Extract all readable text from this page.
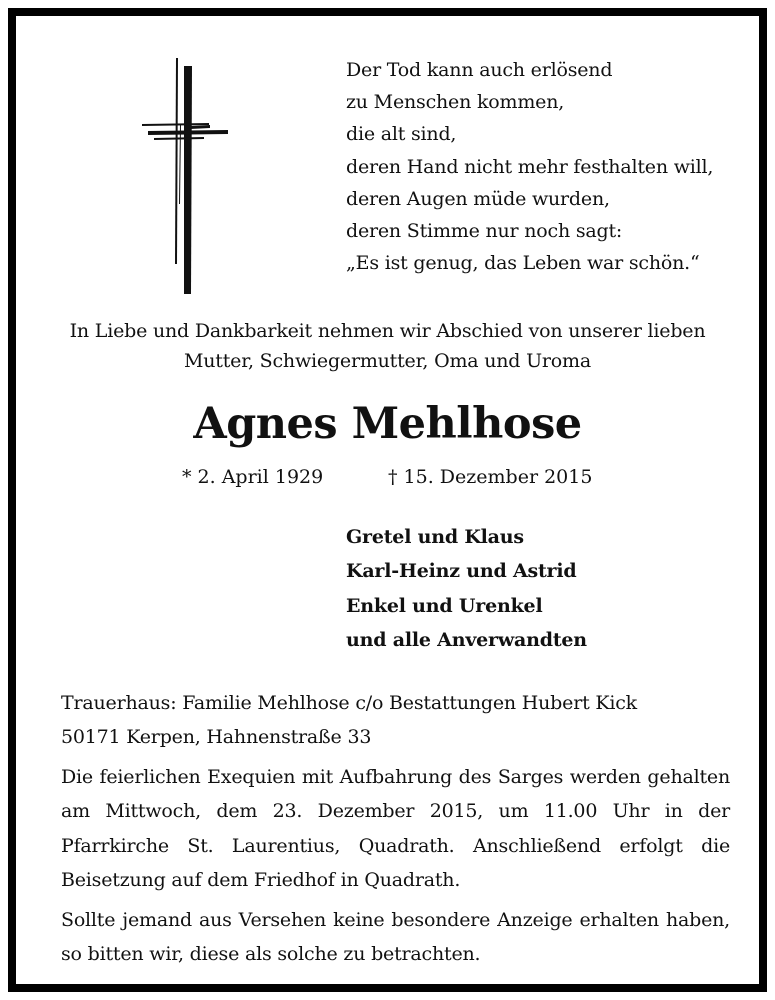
Der Tod kann auch erlösend
zu Menschen kommen,
die alt sind,
deren Hand nicht mehr festhalten will,
deren Augen müde wurden,
deren Stimme nur noch sagt:
„Es ist genug, das Leben war schön.“
In Liebe und Dankbarkeit nehmen wir Abschied von unserer lieben
Mutter, Schwiegermutter, Oma und Uroma
Agnes Mehlhose
* 2. April 1929	† 15. Dezember 2015
Gretel und Klaus
Karl-Heinz und Astrid
Enkel und Urenkel
und alle Anverwandten
Trauerhaus: Familie Mehlhose c/o Bestattungen Hubert Kick
50171 Kerpen, Hahnenstraße 33
Die feierlichen Exequien mit Aufbahrung des Sarges werden gehalten am Mittwoch, dem 23. Dezember 2015, um 11.00 Uhr in der Pfarrkirche St. Laurentius, Quadrath. Anschließend erfolgt die Beisetzung auf dem Friedhof in Quadrath.
Sollte jemand aus Versehen keine besondere Anzeige erhalten haben, so bitten wir, diese als solche zu betrachten.
